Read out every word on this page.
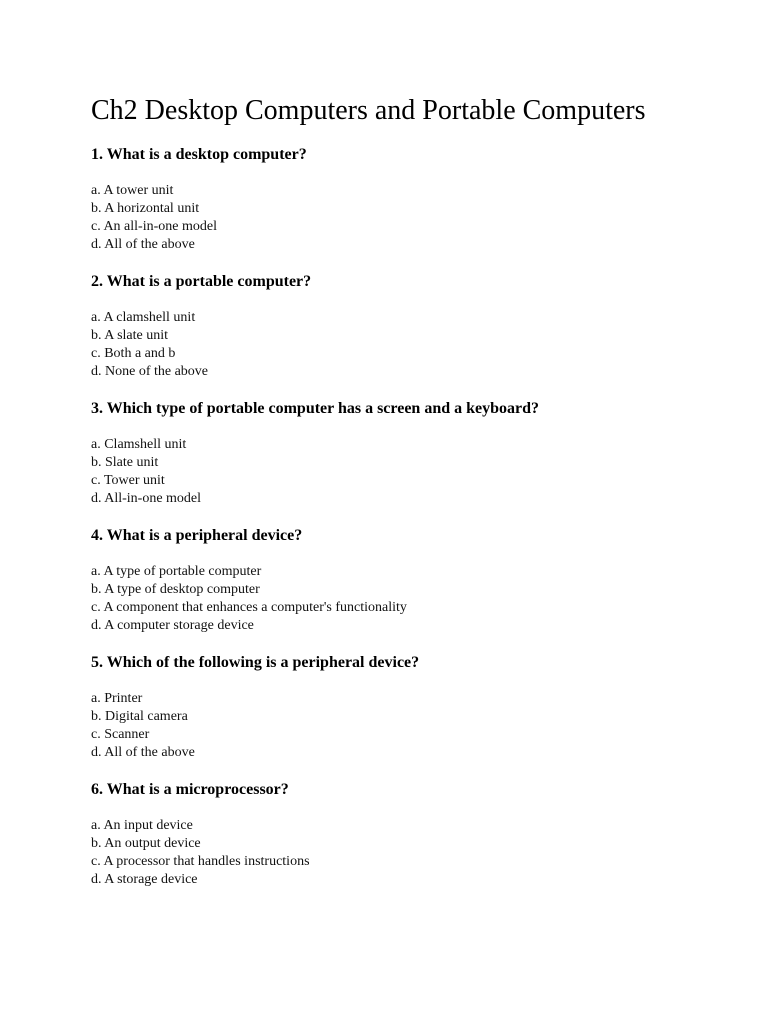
Ch2 Desktop Computers and Portable Computers
1. What is a desktop computer?
a. A tower unit
b. A horizontal unit
c. An all-in-one model
d. All of the above
2. What is a portable computer?
a. A clamshell unit
b. A slate unit
c. Both a and b
d. None of the above
3. Which type of portable computer has a screen and a keyboard?
a. Clamshell unit
b. Slate unit
c. Tower unit
d. All-in-one model
4. What is a peripheral device?
a. A type of portable computer
b. A type of desktop computer
c. A component that enhances a computer's functionality
d. A computer storage device
5. Which of the following is a peripheral device?
a. Printer
b. Digital camera
c. Scanner
d. All of the above
6. What is a microprocessor?
a. An input device
b. An output device
c. A processor that handles instructions
d. A storage device
